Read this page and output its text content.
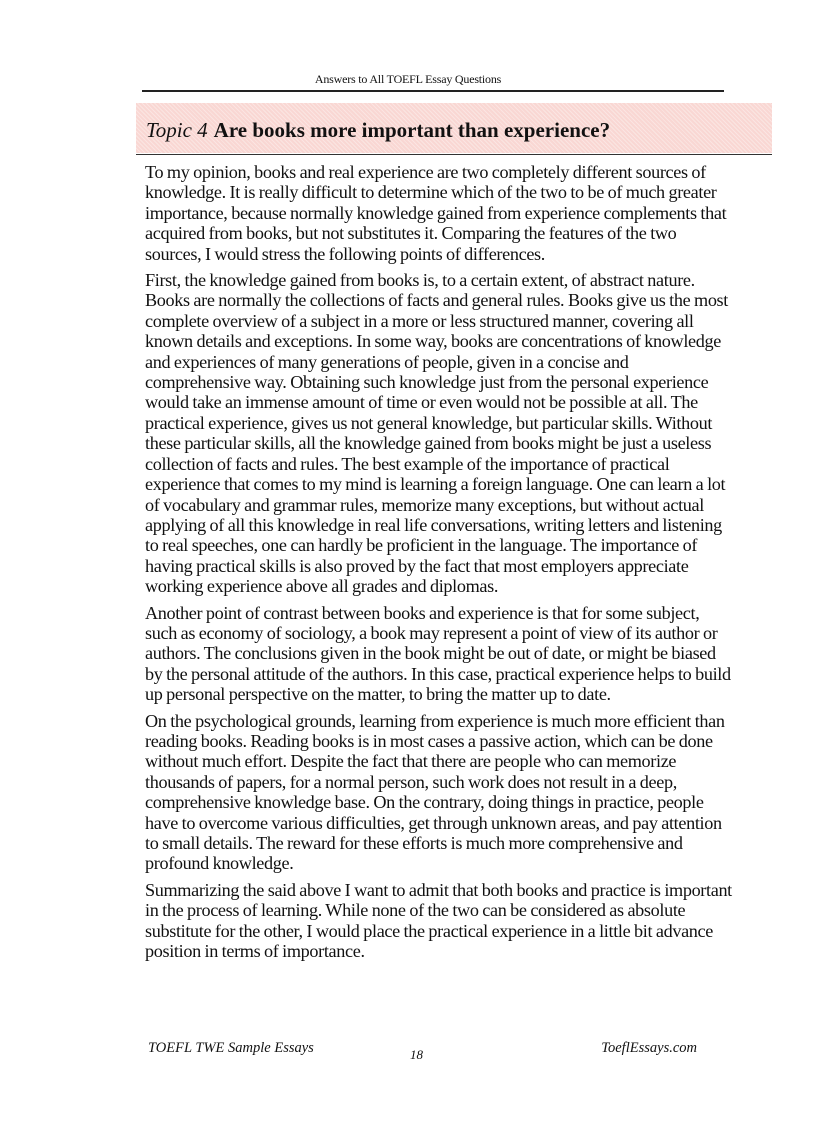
Answers to All TOEFL Essay Questions
Topic 4 Are books more important than experience?

To my opinion, books and real experience are two completely different sources of knowledge. It is really difficult to determine which of the two to be of much greater importance, because normally knowledge gained from experience complements that acquired from books, but not substitutes it. Comparing the features of the two sources, I would stress the following points of differences.

First, the knowledge gained from books is, to a certain extent, of abstract nature. Books are normally the collections of facts and general rules. Books give us the most complete overview of a subject in a more or less structured manner, covering all known details and exceptions. In some way, books are concentrations of knowledge and experiences of many generations of people, given in a concise and comprehensive way. Obtaining such knowledge just from the personal experience would take an immense amount of time or even would not be possible at all. The practical experience, gives us not general knowledge, but particular skills. Without these particular skills, all the knowledge gained from books might be just a useless collection of facts and rules. The best example of the importance of practical experience that comes to my mind is learning a foreign language. One can learn a lot of vocabulary and grammar rules, memorize many exceptions, but without actual applying of all this knowledge in real life conversations, writing letters and listening to real speeches, one can hardly be proficient in the language. The importance of having practical skills is also proved by the fact that most employers appreciate working experience above all grades and diplomas.

Another point of contrast between books and experience is that for some subject, such as economy of sociology, a book may represent a point of view of its author or authors. The conclusions given in the book might be out of date, or might be biased by the personal attitude of the authors. In this case, practical experience helps to build up personal perspective on the matter, to bring the matter up to date.

On the psychological grounds, learning from experience is much more efficient than reading books. Reading books is in most cases a passive action, which can be done without much effort. Despite the fact that there are people who can memorize thousands of papers, for a normal person, such work does not result in a deep, comprehensive knowledge base. On the contrary, doing things in practice, people have to overcome various difficulties, get through unknown areas, and pay attention to small details. The reward for these efforts is much more comprehensive and profound knowledge.

Summarizing the said above I want to admit that both books and practice is important in the process of learning. While none of the two can be considered as absolute substitute for the other, I would place the practical experience in a little bit advance position in terms of importance.

TOEFL TWE Sample Essays	18	ToeflEssays.com
